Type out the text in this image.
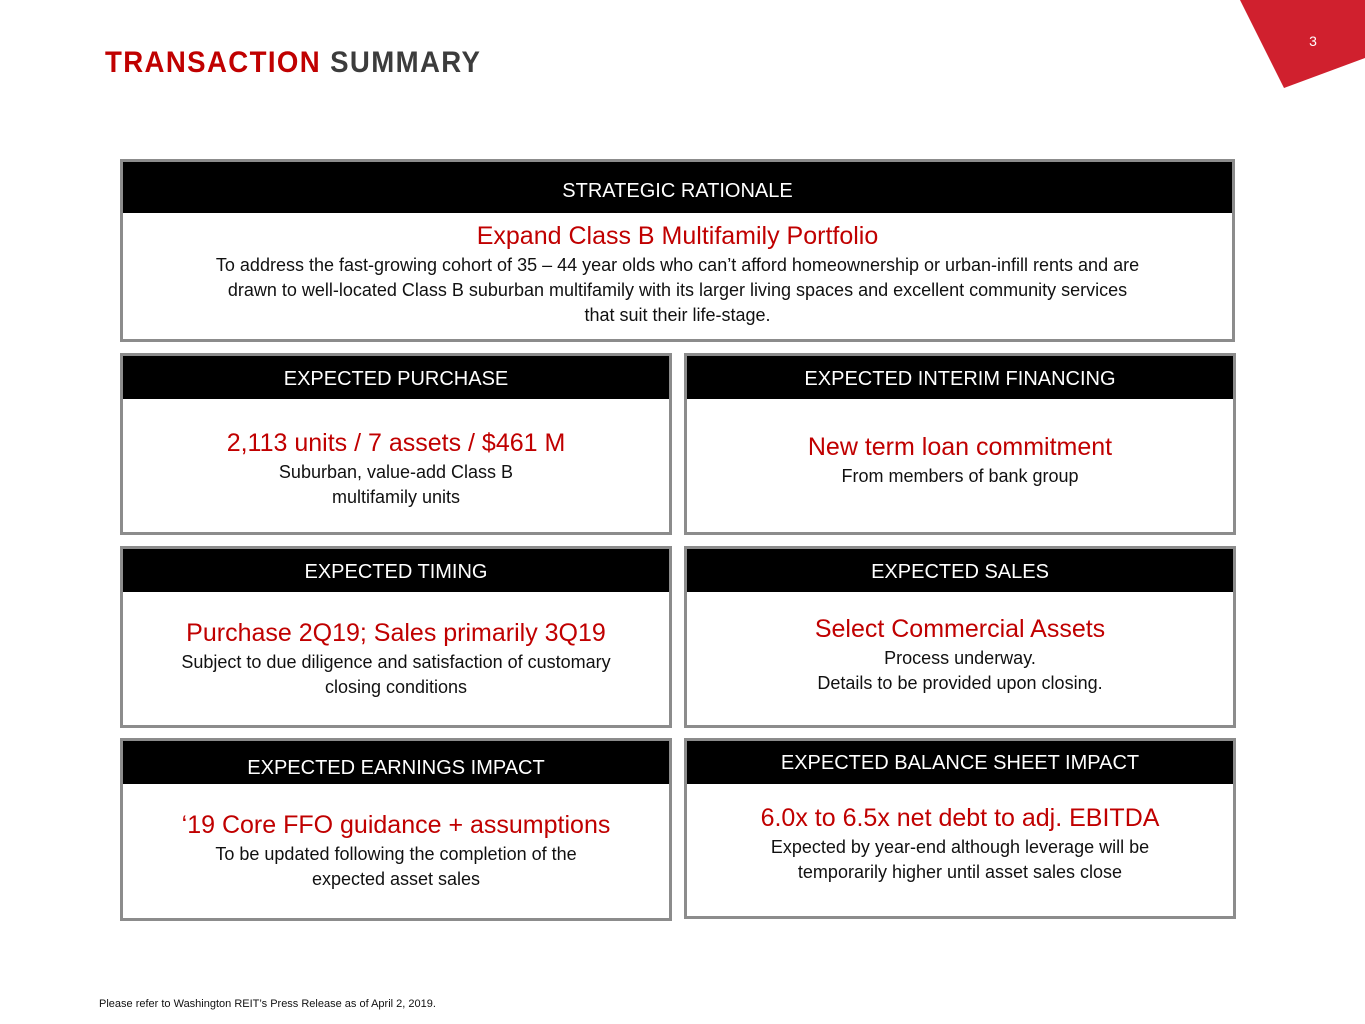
3
TRANSACTION SUMMARY
STRATEGIC RATIONALE
Expand Class B Multifamily Portfolio
To address the fast-growing cohort of 35 – 44 year olds who can’t afford homeownership or urban-infill rents and are
drawn to well-located Class B suburban multifamily with its larger living spaces and excellent community services
that suit their life-stage.
EXPECTED PURCHASE
2,113 units / 7 assets / $461 M
Suburban, value-add Class B
multifamily units
EXPECTED INTERIM FINANCING
New term loan commitment
From members of bank group
EXPECTED TIMING
Purchase 2Q19; Sales primarily 3Q19
Subject to due diligence and satisfaction of customary
closing conditions
EXPECTED SALES
Select Commercial Assets
Process underway.
Details to be provided upon closing.
EXPECTED EARNINGS IMPACT
‘19 Core FFO guidance + assumptions
To be updated following the completion of the
expected asset sales
EXPECTED BALANCE SHEET IMPACT
6.0x to 6.5x net debt to adj. EBITDA
Expected by year-end although leverage will be
temporarily higher until asset sales close
Please refer to Washington REIT’s Press Release as of April 2, 2019.
